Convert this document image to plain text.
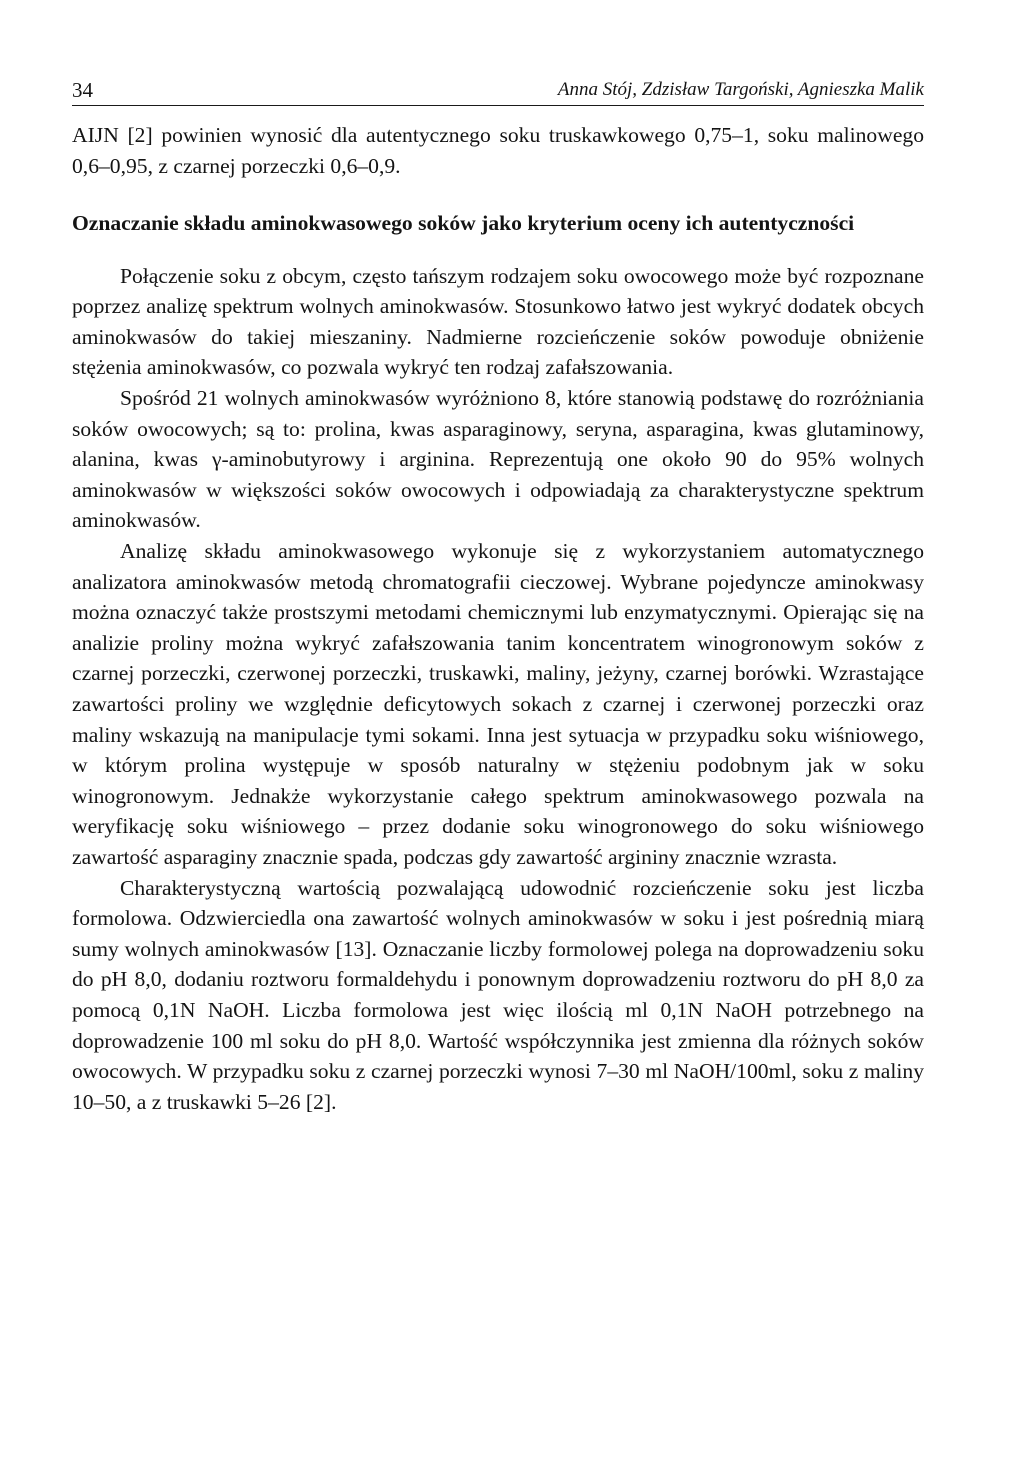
34	Anna Stój, Zdzisław Targoński, Agnieszka Malik

AIJN [2] powinien wynosić dla autentycznego soku truskawkowego 0,75–1, soku malinowego 0,6–0,95, z czarnej porzeczki 0,6–0,9.

Oznaczanie składu aminokwasowego soków jako kryterium oceny ich autentyczności

Połączenie soku z obcym, często tańszym rodzajem soku owocowego może być rozpoznane poprzez analizę spektrum wolnych aminokwasów. Stosunkowo łatwo jest wykryć dodatek obcych aminokwasów do takiej mieszaniny. Nadmierne rozcieńczenie soków powoduje obniżenie stężenia aminokwasów, co pozwala wykryć ten rodzaj zafałszowania.

Spośród 21 wolnych aminokwasów wyróżniono 8, które stanowią podstawę do rozróżniania soków owocowych; są to: prolina, kwas asparaginowy, seryna, asparagina, kwas glutaminowy, alanina, kwas γ-aminobutyrowy i arginina. Reprezentują one około 90 do 95% wolnych aminokwasów w większości soków owocowych i odpowiadają za charakterystyczne spektrum aminokwasów.

Analizę składu aminokwasowego wykonuje się z wykorzystaniem automatycznego analizatora aminokwasów metodą chromatografii cieczowej. Wybrane pojedyncze aminokwasy można oznaczyć także prostszymi metodami chemicznymi lub enzymatycznymi. Opierając się na analizie proliny można wykryć zafałszowania tanim koncentratem winogronowym soków z czarnej porzeczki, czerwonej porzeczki, truskawki, maliny, jeżyny, czarnej borówki. Wzrastające zawartości proliny we względnie deficytowych sokach z czarnej i czerwonej porzeczki oraz maliny wskazują na manipulacje tymi sokami. Inna jest sytuacja w przypadku soku wiśniowego, w którym prolina występuje w sposób naturalny w stężeniu podobnym jak w soku winogronowym. Jednakże wykorzystanie całego spektrum aminokwasowego pozwala na weryfikację soku wiśniowego – przez dodanie soku winogronowego do soku wiśniowego zawartość asparaginy znacznie spada, podczas gdy zawartość argininy znacznie wzrasta.

Charakterystyczną wartością pozwalającą udowodnić rozcieńczenie soku jest liczba formolowa. Odzwierciedla ona zawartość wolnych aminokwasów w soku i jest pośrednią miarą sumy wolnych aminokwasów [13]. Oznaczanie liczby formolowej polega na doprowadzeniu soku do pH 8,0, dodaniu roztworu formaldehydu i ponownym doprowadzeniu roztworu do pH 8,0 za pomocą 0,1N NaOH. Liczba formolowa jest więc ilością ml 0,1N NaOH potrzebnego na doprowadzenie 100 ml soku do pH 8,0. Wartość współczynnika jest zmienna dla różnych soków owocowych. W przypadku soku z czarnej porzeczki wynosi 7–30 ml NaOH/100ml, soku z maliny 10–50, a z truskawki 5–26 [2].
